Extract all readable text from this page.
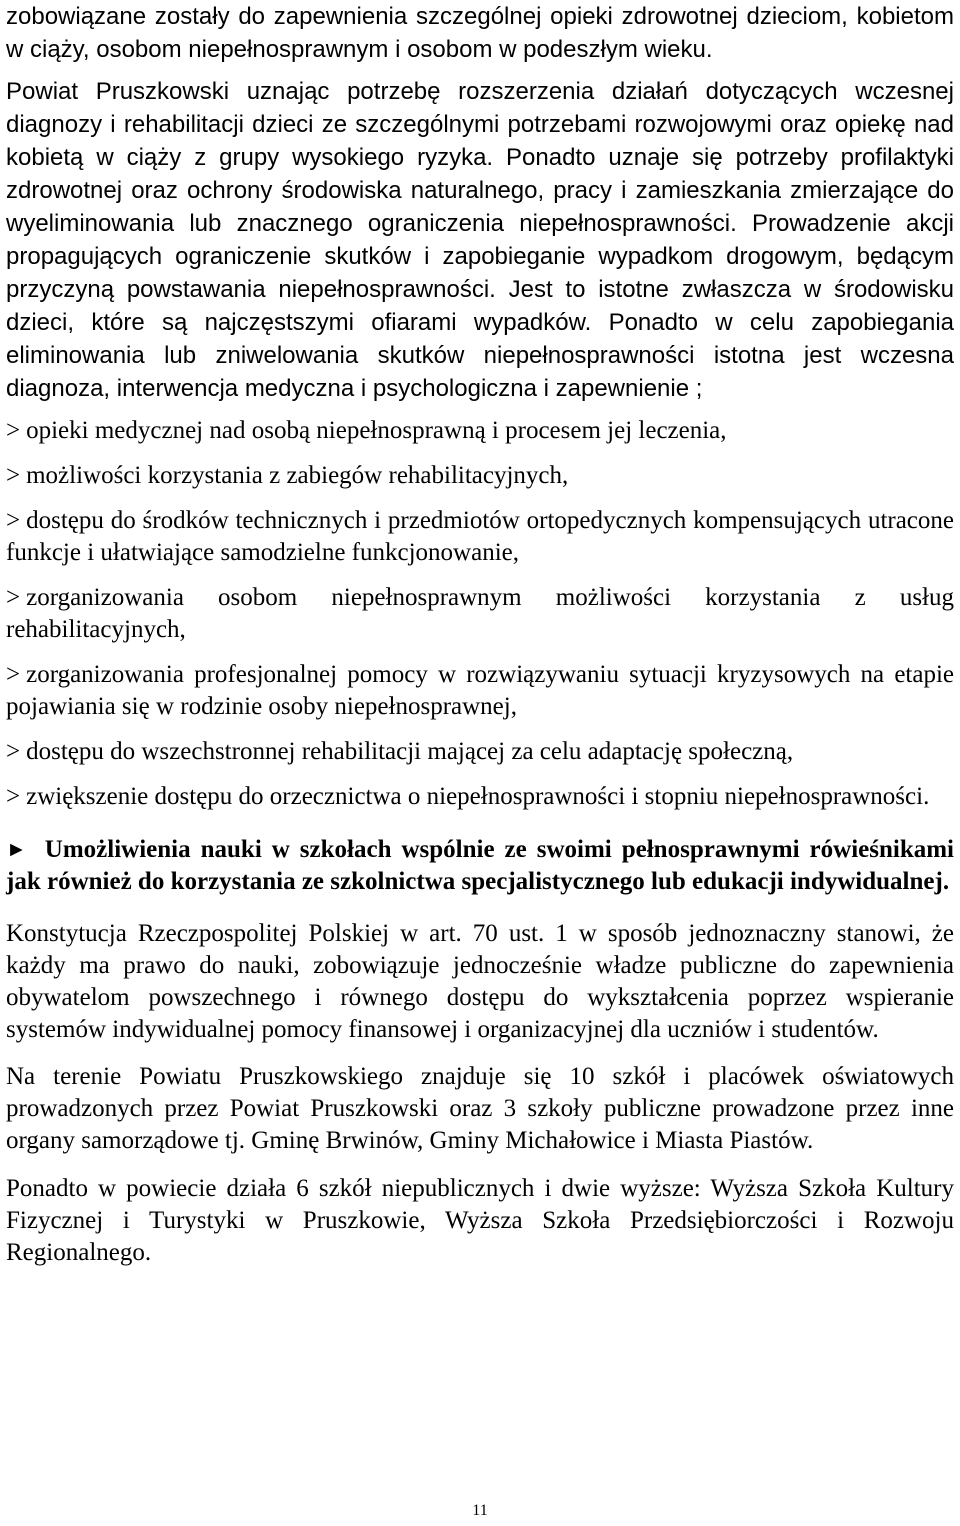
zobowiązane zostały do zapewnienia szczególnej opieki zdrowotnej dzieciom, kobietom w ciąży, osobom niepełnosprawnym i osobom w podeszłym wieku.

Powiat Pruszkowski uznając potrzebę rozszerzenia działań dotyczących wczesnej diagnozy i rehabilitacji dzieci ze szczególnymi potrzebami rozwojowymi oraz opiekę nad kobietą w ciąży z grupy wysokiego ryzyka. Ponadto uznaje się potrzeby profilaktyki zdrowotnej oraz ochrony środowiska naturalnego, pracy i zamieszkania zmierzające do wyeliminowania lub znacznego ograniczenia niepełnosprawności. Prowadzenie akcji propagujących ograniczenie skutków i zapobieganie wypadkom drogowym, będącym przyczyną powstawania niepełnosprawności. Jest to istotne zwłaszcza w środowisku dzieci, które są najczęstszymi ofiarami wypadków. Ponadto w celu zapobiegania eliminowania lub zniwelowania skutków niepełnosprawności istotna jest wczesna diagnoza, interwencja medyczna i psychologiczna i zapewnienie ;

> opieki medycznej nad osobą niepełnosprawną i procesem jej leczenia,

> możliwości korzystania z zabiegów rehabilitacyjnych,

> dostępu do środków technicznych i przedmiotów ortopedycznych kompensujących utracone funkcje i ułatwiające samodzielne funkcjonowanie,

> zorganizowania osobom niepełnosprawnym możliwości korzystania z usług rehabilitacyjnych,

> zorganizowania profesjonalnej pomocy w rozwiązywaniu sytuacji kryzysowych na etapie pojawiania się w rodzinie osoby niepełnosprawnej,

> dostępu do wszechstronnej rehabilitacji mającej za celu adaptację społeczną,

> zwiększenie dostępu do orzecznictwa o niepełnosprawności i stopniu niepełnosprawności.

► Umożliwienia nauki w szkołach wspólnie ze swoimi pełnosprawnymi rówieśnikami jak również do korzystania ze szkolnictwa specjalistycznego lub edukacji indywidualnej.

Konstytucja Rzeczpospolitej Polskiej w art. 70 ust. 1 w sposób jednoznaczny stanowi, że każdy ma prawo do nauki, zobowiązuje jednocześnie władze publiczne do zapewnienia obywatelom powszechnego i równego dostępu do wykształcenia poprzez wspieranie systemów indywidualnej pomocy finansowej i organizacyjnej dla uczniów i studentów.

Na terenie Powiatu Pruszkowskiego znajduje się 10 szkół i placówek oświatowych prowadzonych przez Powiat Pruszkowski oraz 3 szkoły publiczne prowadzone przez inne organy samorządowe tj. Gminę Brwinów, Gminy Michałowice i Miasta Piastów.

Ponadto w powiecie działa 6 szkół niepublicznych i dwie wyższe: Wyższa Szkoła Kultury Fizycznej i Turystyki w Pruszkowie, Wyższa Szkoła Przedsiębiorczości i Rozwoju Regionalnego.

11
